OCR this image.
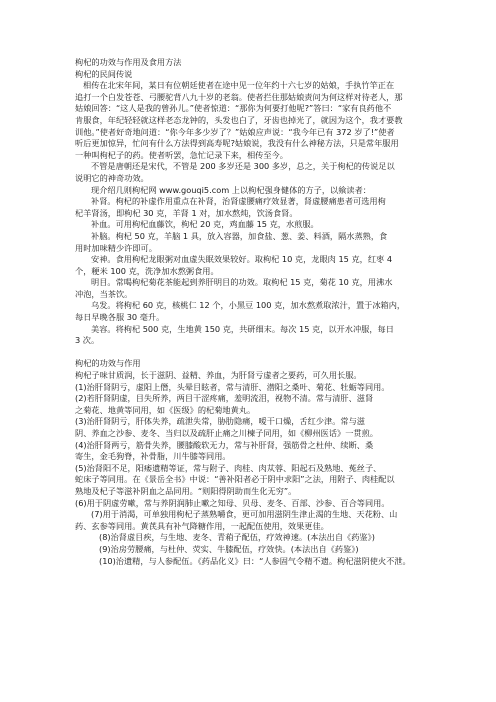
枸杞的功效与作用及食用方法
枸杞的民间传说
相传在北宋年间，某日有位朝廷使者在途中见一位年约十六七岁的姑娘，手执竹竿正在
追打一个白发苍苍、弓腰驼背八九十岁的老翁。使者拦住那姑娘责问为何这样对待老人，那
姑娘回答：“这人是我的曾孙儿。”使者惊道：“那你为何要打他呢?”答曰：“家有良药他不
肯服食，年纪轻轻就这样老态龙钟的，头发也白了，牙齿也掉光了，就因为这个，我才要教
训他。”使者好奇地问道：“你今年多少岁了？”姑娘应声说：“我今年已有 372 岁了!”使者
听后更加惊异，忙问有什么方法得到高寿呢?姑娘说，我没有什么神秘方法，只是常年服用
一种叫枸杞子的药。使者听罢，急忙记录下来，相传至今。
不管是唐朝还是宋代，不管是 200 多岁还是 300 多岁，总之，关于枸杞的传说足以
说明它的神奇功效。
现介绍几则枸杞网 www.gouqi5.com 上以枸杞强身健体的方子，以飨读者：
补肾。枸杞的补虚作用重点在补肾，治肾虚腰痛疗效显著，肾虚腰痛患者可选用枸
杞羊肾汤，即枸杞 30 克，羊肾 1 对，加水熬炖，饮汤食肾。
补血。可用枸杞血藤饮，枸杞 20 克，鸡血藤 15 克，水煎服。
补脑。枸杞 50 克，羊脑 1 具，放入容器，加食盐、葱、姜、料酒，隔水蒸熟，食
用时加味精少许即可。
安神。食用枸杞龙眼粥对血虚失眠效果较好。取枸杞 10 克，龙眼肉 15 克，红枣 4
个，粳米 100 克，洗净加水熬粥食用。
明目。常喝枸杞菊花茶能起到养肝明目的功效。取枸杞 15 克，菊花 10 克，用沸水
冲泡，当茶饮。
乌发。将枸杞 60 克，核桃仁 12 个，小黑豆 100 克，加水熬煮取浓汁，置于冰箱内，
每日早晚各服 30 毫升。
美容。将枸杞 500 克，生地黄 150 克，共研细末。每次 15 克，以开水冲服，每日
3 次。
枸杞的功效与作用
枸杞子味甘质润，长于滋阴、益精、养血，为肝肾亏虚者之要药，可久用长服。
(1)治肝肾阴亏，虚阳上僭，头晕目眩者，常与清肝、潜阳之桑叶、菊花、牡蛎等同用。
(2)若肝肾阴虚，目失所养，两目干涩疼痛，羞明流泪，视物不清。常与清肝、滋肾
之菊花、地黄等同用，如《医级》的杞菊地黄丸。
(3)治肝肾阴亏，肝体失养，疏泄失常，胁肋隐痛，嗳干口燥，舌红少津。常与滋
阴、养血之沙参、麦冬、当归以及疏肝止痛之川楝子同用，如《柳州医话》一贯煎。
(4)治肝肾两亏，筋骨失养，腰膝酸软无力，常与补肝肾，强筋骨之杜仲、续断、桑
寄生，金毛狗脊，补骨脂，川牛膝等同用。
(5)治肾阳不足，阳痿遗精等证，常与附子、肉桂、肉苁蓉、阳起石及熟地、菟丝子、
蛇床子等同用。在《景岳全书》中说：“善补阳者必于阴中求阳”之法，用附子、肉桂配以
熟地及杞子等滋补阴血之品同用。“则阳得阴助而生化无穷”。
(6)用于阴虚劳嗽，常与养阴润肺止嗽之知母、贝母、麦冬、百部、沙参、百合等同用。
(7)用于消渴，可单独用枸杞子蒸熟嚼食，更可加用滋阴生津止渴的生地、天花粉、山
药、玄参等同用。黄芪具有补气降糖作用，一起配伍使用，效果更佳。
(8)治肾虚目疾，与生地、麦冬、青葙子配伍，疗效神速。(本法出自《药鉴》)
(9)治房劳腰痛，与杜仲、荧实、牛膝配伍，疗效快。(本法出自《药鉴》)
(10)治遗精，与人参配伍。《药品化义》曰：“人参固气令精不遗。枸杞滋阴使火不泄。
